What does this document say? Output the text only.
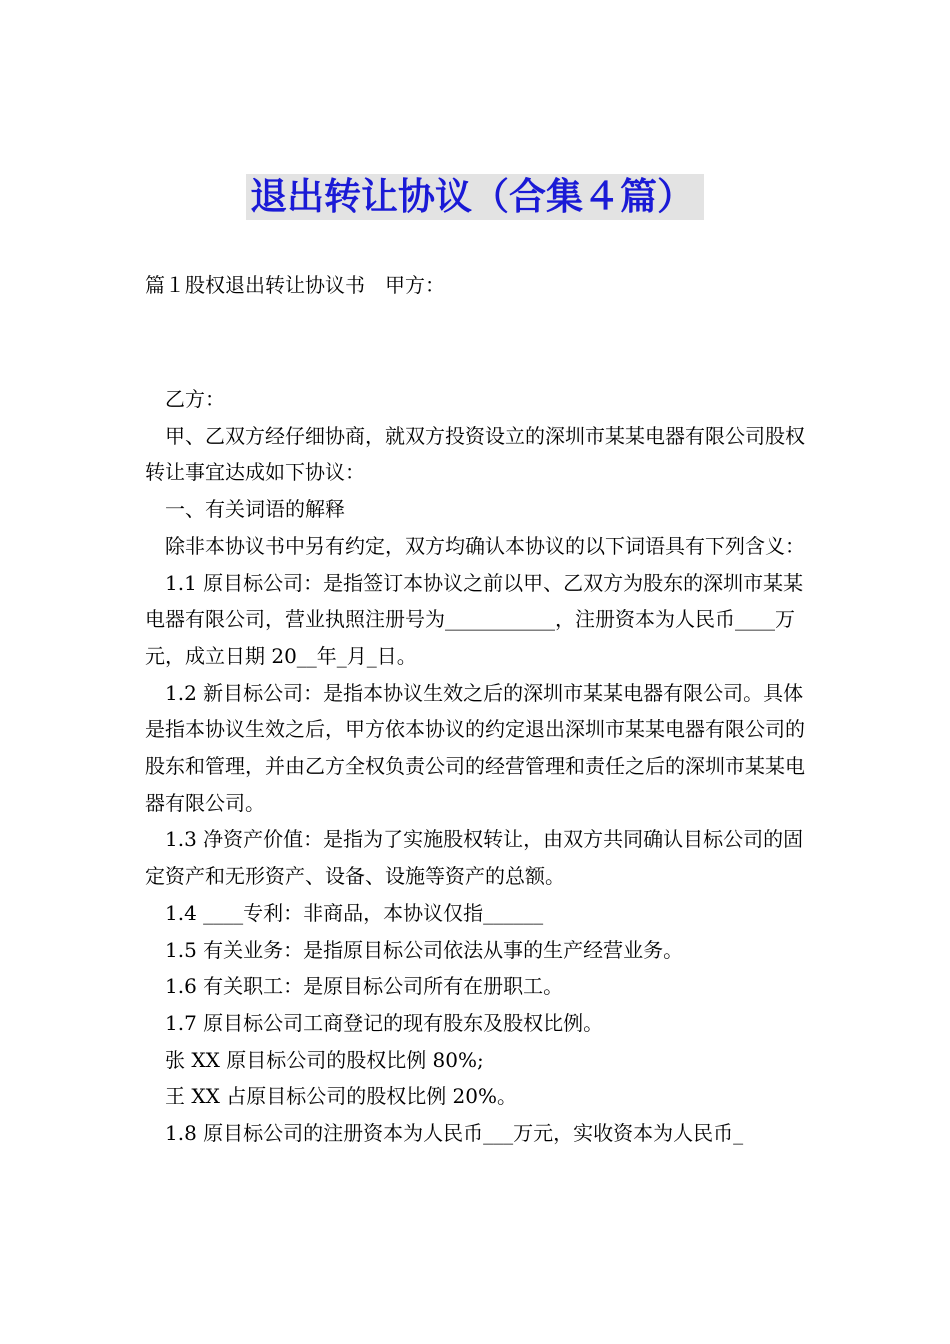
退出转让协议（合集４篇）
篇１股权退出转让协议书　甲方：

乙方：

甲、乙双方经仔细协商，就双方投资设立的深圳市某某电器有限公司股权转让事宜达成如下协议：

一、有关词语的解释

除非本协议书中另有约定，双方均确认本协议的以下词语具有下列含义：

1.1 原目标公司：是指签订本协议之前以甲、乙双方为股东的深圳市某某电器有限公司，营业执照注册号为___________，注册资本为人民币____万元，成立日期 20__年_月_日。

1.2 新目标公司：是指本协议生效之后的深圳市某某电器有限公司。具体是指本协议生效之后，甲方依本协议的约定退出深圳市某某电器有限公司的股东和管理，并由乙方全权负责公司的经营管理和责任之后的深圳市某某电器有限公司。

1.3 净资产价值：是指为了实施股权转让，由双方共同确认目标公司的固定资产和无形资产、设备、设施等资产的总额。

1.4 ____专利：非商品，本协议仅指______

1.5 有关业务：是指原目标公司依法从事的生产经营业务。

1.6 有关职工：是原目标公司所有在册职工。

1.7 原目标公司工商登记的现有股东及股权比例。

张 XX 原目标公司的股权比例 80%;

王 XX 占原目标公司的股权比例 20%。

1.8 原目标公司的注册资本为人民币___万元，实收资本为人民币_
